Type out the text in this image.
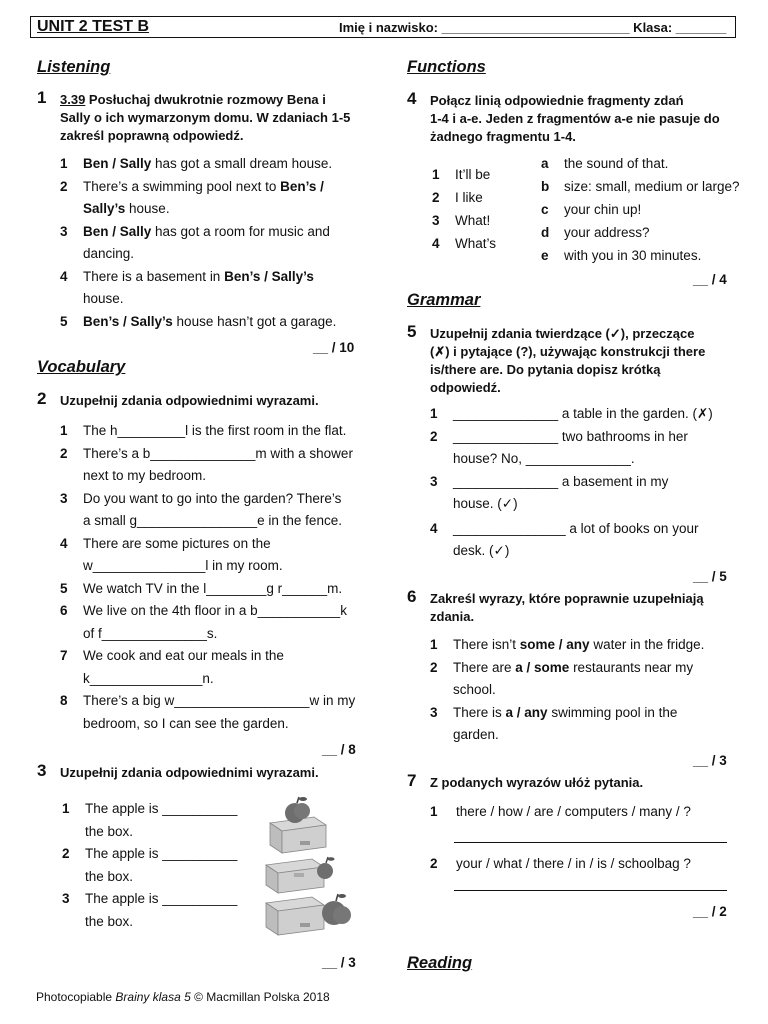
UNIT 2 TEST B	Imię i nazwisko: __________________________ Klasa: _______
Listening
1 3.39 Posłuchaj dwukrotnie rozmowy Bena i
Sally o ich wymarzonym domu. W zdaniach 1-5
zakreśl poprawną odpowiedź.
1 Ben / Sally has got a small dream house.
2 There’s a swimming pool next to Ben’s /
Sally’s house.
3 Ben / Sally has got a room for music and
dancing.
4 There is a basement in Ben’s / Sally’s
house.
5 Ben’s / Sally’s house hasn’t got a garage.
__ / 10
Vocabulary
2 Uzupełnij zdania odpowiednimi wyrazami.
1 The h_________l is the first room in the flat.
2 There’s a b______________m with a shower
next to my bedroom.
3 Do you want to go into the garden? There’s
a small g________________e in the fence.
4 There are some pictures on the
w_______________l in my room.
5 We watch TV in the l________g r______m.
6 We live on the 4th floor in a b___________k
of f______________s.
7 We cook and eat our meals in the
k_______________n.
8 There’s a big w__________________w in my
bedroom, so I can see the garden.
__ / 8
3 Uzupełnij zdania odpowiednimi wyrazami.
1 The apple is __________
the box.
2 The apple is __________
the box.
3 The apple is __________
the box.
__ / 3
Functions
4 Połącz linią odpowiednie fragmenty zdań
1-4 i a-e. Jeden z fragmentów a-e nie pasuje do
żadnego fragmentu 1-4.
1 It’ll be
2 I like
3 What!
4 What’s
a the sound of that.
b size: small, medium or large?
c your chin up!
d your address?
e with you in 30 minutes.
__ / 4
Grammar
5 Uzupełnij zdania twierdzące (✓), przeczące
(✗) i pytające (?), używając konstrukcji there
is/there are. Do pytania dopisz krótką
odpowiedź.
1 ______________ a table in the garden. (✗)
2 ______________ two bathrooms in her
house? No, ______________.
3 ______________ a basement in my
house. (✓)
4 _______________ a lot of books on your
desk. (✓)
__ / 5
6 Zakreśl wyrazy, które poprawnie uzupełniają
zdania.
1 There isn’t some / any water in the fridge.
2 There are a / some restaurants near my
school.
3 There is a / any swimming pool in the
garden.
__ / 3
7 Z podanych wyrazów ułóż pytania.
1 there / how / are / computers / many / ?
2 your / what / there / in / is / schoolbag ?
__ / 2
Reading
Photocopiable Brainy klasa 5 © Macmillan Polska 2018
